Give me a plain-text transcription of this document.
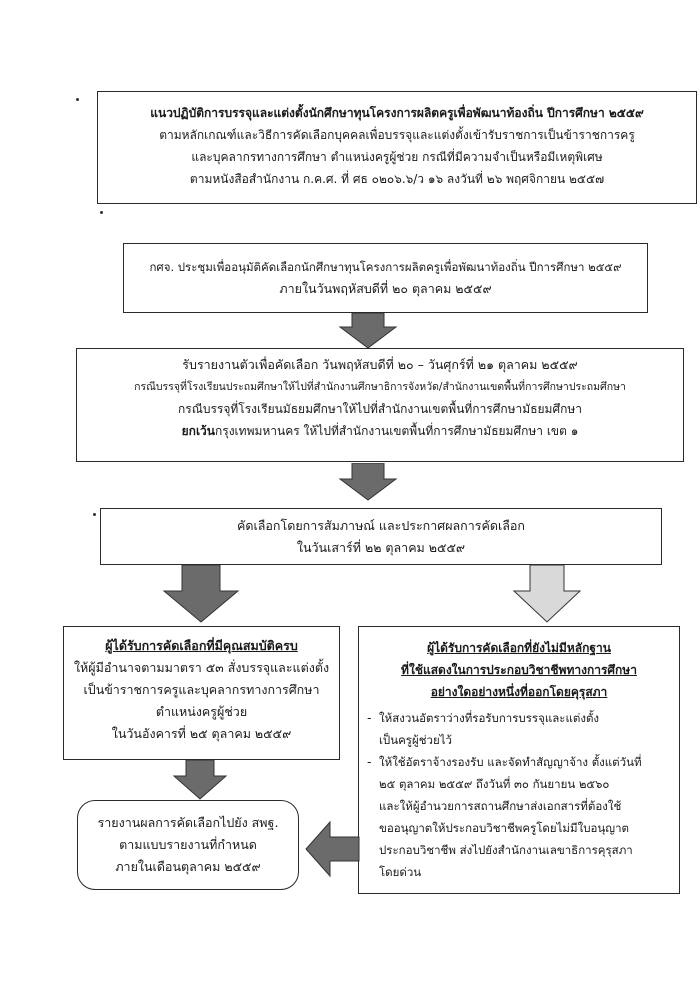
แนวปฏิบัติการบรรจุและแต่งตั้งนักศึกษาทุนโครงการผลิตครูเพื่อพัฒนาท้องถิ่น ปีการศึกษา ๒๕๕๙
ตามหลักเกณฑ์และวิธีการคัดเลือกบุคคลเพื่อบรรจุและแต่งตั้งเข้ารับราชการเป็นข้าราชการครู
และบุคลากรทางการศึกษา ตำแหน่งครูผู้ช่วย กรณีที่มีความจำเป็นหรือมีเหตุพิเศษ
ตามหนังสือสำนักงาน ก.ค.ศ. ที่ ศธ ๐๒๐๖.๖/ว ๑๖ ลงวันที่ ๒๖ พฤศจิกายน ๒๕๕๗
กศจ. ประชุมเพื่ออนุมัติคัดเลือกนักศึกษาทุนโครงการผลิตครูเพื่อพัฒนาท้องถิ่น ปีการศึกษา ๒๕๕๙
ภายในวันพฤหัสบดีที่ ๒๐ ตุลาคม ๒๕๕๙
รับรายงานตัวเพื่อคัดเลือก วันพฤหัสบดีที่ ๒๐ – วันศุกร์ที่ ๒๑ ตุลาคม ๒๕๕๙
กรณีบรรจุที่โรงเรียนประถมศึกษาให้ไปที่สำนักงานศึกษาธิการจังหวัด/สำนักงานเขตพื้นที่การศึกษาประถมศึกษา
กรณีบรรจุที่โรงเรียนมัธยมศึกษาให้ไปที่สำนักงานเขตพื้นที่การศึกษามัธยมศึกษา
ยกเว้นกรุงเทพมหานคร ให้ไปที่สำนักงานเขตพื้นที่การศึกษามัธยมศึกษา เขต ๑
คัดเลือกโดยการสัมภาษณ์ และประกาศผลการคัดเลือก
ในวันเสาร์ที่ ๒๒ ตุลาคม ๒๕๕๙
ผู้ได้รับการคัดเลือกที่มีคุณสมบัติครบ
ให้ผู้มีอำนาจตามมาตรา ๕๓ สั่งบรรจุและแต่งตั้ง
เป็นข้าราชการครูและบุคลากรทางการศึกษา
ตำแหน่งครูผู้ช่วย
ในวันอังคารที่ ๒๕ ตุลาคม ๒๕๕๙
ผู้ได้รับการคัดเลือกที่ยังไม่มีหลักฐาน
ที่ใช้แสดงในการประกอบวิชาชีพทางการศึกษา
อย่างใดอย่างหนึ่งที่ออกโดยคุรุสภา
- ให้สงวนอัตราว่างที่รอรับการบรรจุและแต่งตั้ง
เป็นครูผู้ช่วยไว้
- ให้ใช้อัตราจ้างรองรับ และจัดทำสัญญาจ้าง ตั้งแต่วันที่
๒๕ ตุลาคม ๒๕๕๙ ถึงวันที่ ๓๐ กันยายน ๒๕๖๐
และให้ผู้อำนวยการสถานศึกษาส่งเอกสารที่ต้องใช้
ขออนุญาตให้ประกอบวิชาชีพครูโดยไม่มีใบอนุญาต
ประกอบวิชาชีพ ส่งไปยังสำนักงานเลขาธิการคุรุสภา
โดยด่วน
รายงานผลการคัดเลือกไปยัง สพฐ.
ตามแบบรายงานที่กำหนด
ภายในเดือนตุลาคม ๒๕๕๙
